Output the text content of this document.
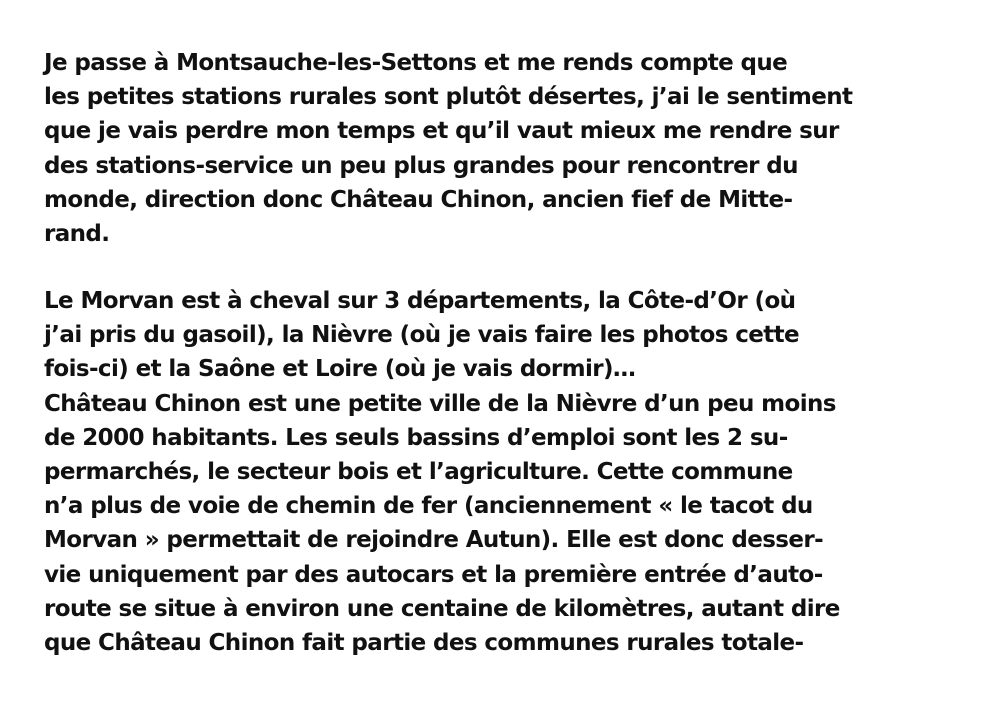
Je passe à Montsauche-les-Settons et me rends compte que
les petites stations rurales sont plutôt désertes, j’ai le sentiment
que je vais perdre mon temps et qu’il vaut mieux me rendre sur
des stations-service un peu plus grandes pour rencontrer du
monde, direction donc Château Chinon, ancien fief de Mitte-
rand.

Le Morvan est à cheval sur 3 départements, la Côte-d’Or (où
j’ai pris du gasoil), la Nièvre (où je vais faire les photos cette
fois-ci) et la Saône et Loire (où je vais dormir)…
Château Chinon est une petite ville de la Nièvre d’un peu moins
de 2000 habitants. Les seuls bassins d’emploi sont les 2 su-
permarchés, le secteur bois et l’agriculture. Cette commune
n’a plus de voie de chemin de fer (anciennement « le tacot du
Morvan » permettait de rejoindre Autun). Elle est donc desser-
vie uniquement par des autocars et la première entrée d’auto-
route se situe à environ une centaine de kilomètres, autant dire
que Château Chinon fait partie des communes rurales totale-
